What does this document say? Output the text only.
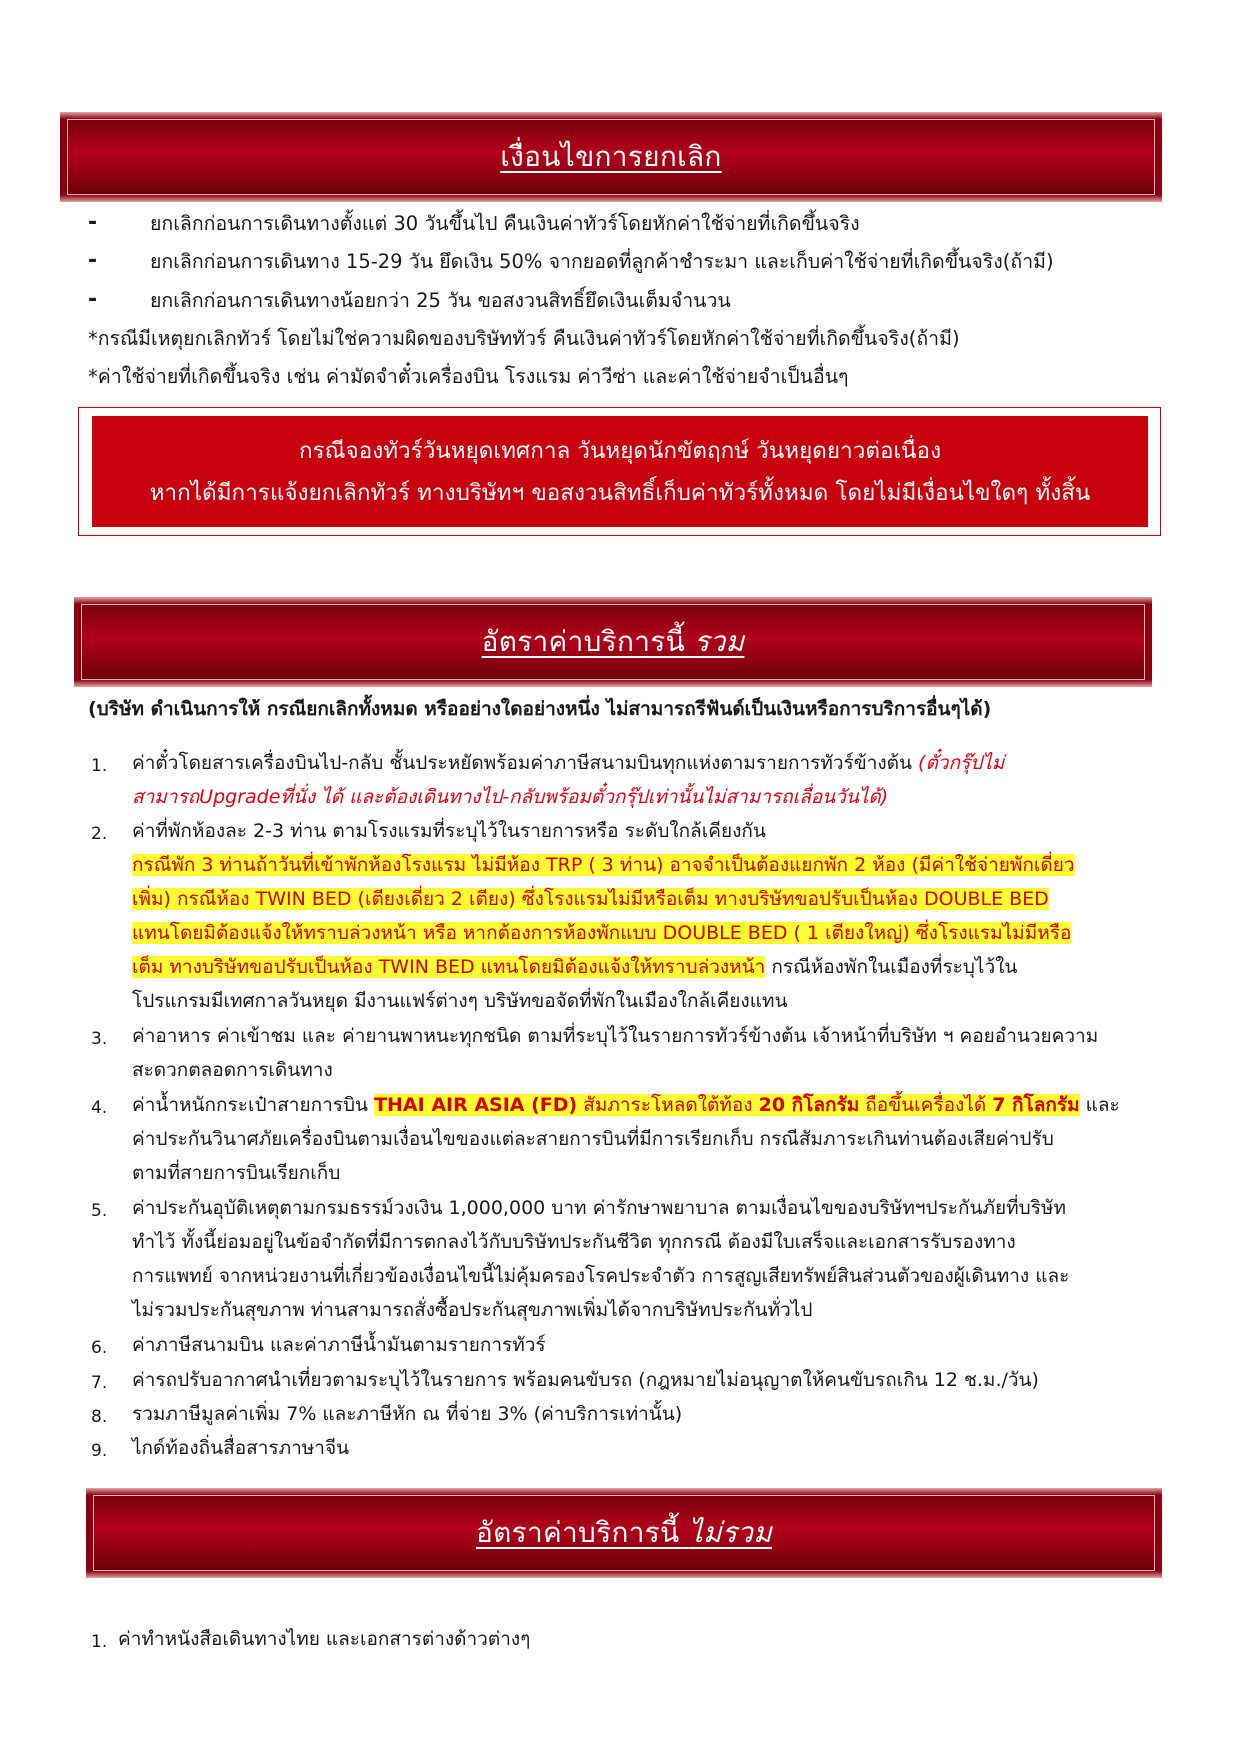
เงื่อนไขการยกเลิก
-	ยกเลิกก่อนการเดินทางตั้งแต่ 30 วันขึ้นไป คืนเงินค่าทัวร์โดยหักค่าใช้จ่ายที่เกิดขึ้นจริง
-	ยกเลิกก่อนการเดินทาง 15-29 วัน ยึดเงิน 50% จากยอดที่ลูกค้าชำระมา และเก็บค่าใช้จ่ายที่เกิดขึ้นจริง(ถ้ามี)
-	ยกเลิกก่อนการเดินทางน้อยกว่า 25 วัน ขอสงวนสิทธิ์ยึดเงินเต็มจำนวน
*กรณีมีเหตุยกเลิกทัวร์ โดยไม่ใช่ความผิดของบริษัททัวร์ คืนเงินค่าทัวร์โดยหักค่าใช้จ่ายที่เกิดขึ้นจริง(ถ้ามี)
*ค่าใช้จ่ายที่เกิดขึ้นจริง เช่น ค่ามัดจำตั๋วเครื่องบิน โรงแรม ค่าวีซ่า และค่าใช้จ่ายจำเป็นอื่นๆ
กรณีจองทัวร์วันหยุดเทศกาล วันหยุดนักขัตฤกษ์ วันหยุดยาวต่อเนื่อง
หากได้มีการแจ้งยกเลิกทัวร์ ทางบริษัทฯ ขอสงวนสิทธิ์เก็บค่าทัวร์ทั้งหมด โดยไม่มีเงื่อนไขใดๆ ทั้งสิ้น
อัตราค่าบริการนี้ รวม
(บริษัท ดำเนินการให้ กรณียกเลิกทั้งหมด หรืออย่างใดอย่างหนึ่ง ไม่สามารถรีฟันด์เป็นเงินหรือการบริการอื่นๆได้)
1. ค่าตั๋วโดยสารเครื่องบินไป-กลับ ชั้นประหยัดพร้อมค่าภาษีสนามบินทุกแห่งตามรายการทัวร์ข้างต้น (ตั๋วกรุ๊ปไม่
สามารถUpgradeที่นั่ง ได้ และต้องเดินทางไป-กลับพร้อมตั๋วกรุ๊ปเท่านั้นไม่สามารถเลื่อนวันได้)
2. ค่าที่พักห้องละ 2-3 ท่าน ตามโรงแรมที่ระบุไว้ในรายการหรือ ระดับใกล้เคียงกัน
กรณีพัก 3 ท่านถ้าวันที่เข้าพักห้องโรงแรม ไม่มีห้อง TRP ( 3 ท่าน) อาจจำเป็นต้องแยกพัก 2 ห้อง (มีค่าใช้จ่ายพักเดี่ยว
เพิ่ม) กรณีห้อง TWIN BED (เตียงเดี่ยว 2 เตียง) ซึ่งโรงแรมไม่มีหรือเต็ม ทางบริษัทขอปรับเป็นห้อง DOUBLE BED
แทนโดยมิต้องแจ้งให้ทราบล่วงหน้า หรือ หากต้องการห้องพักแบบ DOUBLE BED ( 1 เตียงใหญ่) ซึ่งโรงแรมไม่มีหรือ
เต็ม ทางบริษัทขอปรับเป็นห้อง TWIN BED แทนโดยมิต้องแจ้งให้ทราบล่วงหน้า กรณีห้องพักในเมืองที่ระบุไว้ใน
โปรแกรมมีเทศกาลวันหยุด มีงานแฟร์ต่างๆ บริษัทขอจัดที่พักในเมืองใกล้เคียงแทน
3. ค่าอาหาร ค่าเข้าชม และ ค่ายานพาหนะทุกชนิด ตามที่ระบุไว้ในรายการทัวร์ข้างต้น เจ้าหน้าที่บริษัท ฯ คอยอำนวยความ
สะดวกตลอดการเดินทาง
4. ค่าน้ำหนักกระเป๋าสายการบิน THAI AIR ASIA (FD) สัมภาระโหลดใต้ท้อง 20 กิโลกรัม ถือขึ้นเครื่องได้ 7 กิโลกรัม และ
ค่าประกันวินาศภัยเครื่องบินตามเงื่อนไขของแต่ละสายการบินที่มีการเรียกเก็บ กรณีสัมภาระเกินท่านต้องเสียค่าปรับ
ตามที่สายการบินเรียกเก็บ
5. ค่าประกันอุบัติเหตุตามกรมธรรม์วงเงิน 1,000,000 บาท ค่ารักษาพยาบาล ตามเงื่อนไขของบริษัทฯประกันภัยที่บริษัท
ทำไว้ ทั้งนี้ย่อมอยู่ในข้อจำกัดที่มีการตกลงไว้กับบริษัทประกันชีวิต ทุกกรณี ต้องมีใบเสร็จและเอกสารรับรองทาง
การแพทย์ จากหน่วยงานที่เกี่ยวข้องเงื่อนไขนี้ไม่คุ้มครองโรคประจำตัว การสูญเสียทรัพย์สินส่วนตัวของผู้เดินทาง และ
ไม่รวมประกันสุขภาพ ท่านสามารถสั่งซื้อประกันสุขภาพเพิ่มได้จากบริษัทประกันทั่วไป
6. ค่าภาษีสนามบิน และค่าภาษีน้ำมันตามรายการทัวร์
7. ค่ารถปรับอากาศนำเที่ยวตามระบุไว้ในรายการ พร้อมคนขับรถ (กฎหมายไม่อนุญาตให้คนขับรถเกิน 12 ช.ม./วัน)
8. รวมภาษีมูลค่าเพิ่ม 7% และภาษีหัก ณ ที่จ่าย 3% (ค่าบริการเท่านั้น)
9. ไกด์ท้องถิ่นสื่อสารภาษาจีน
อัตราค่าบริการนี้ ไม่รวม
1. ค่าทำหนังสือเดินทางไทย และเอกสารต่างด้าวต่างๆ
